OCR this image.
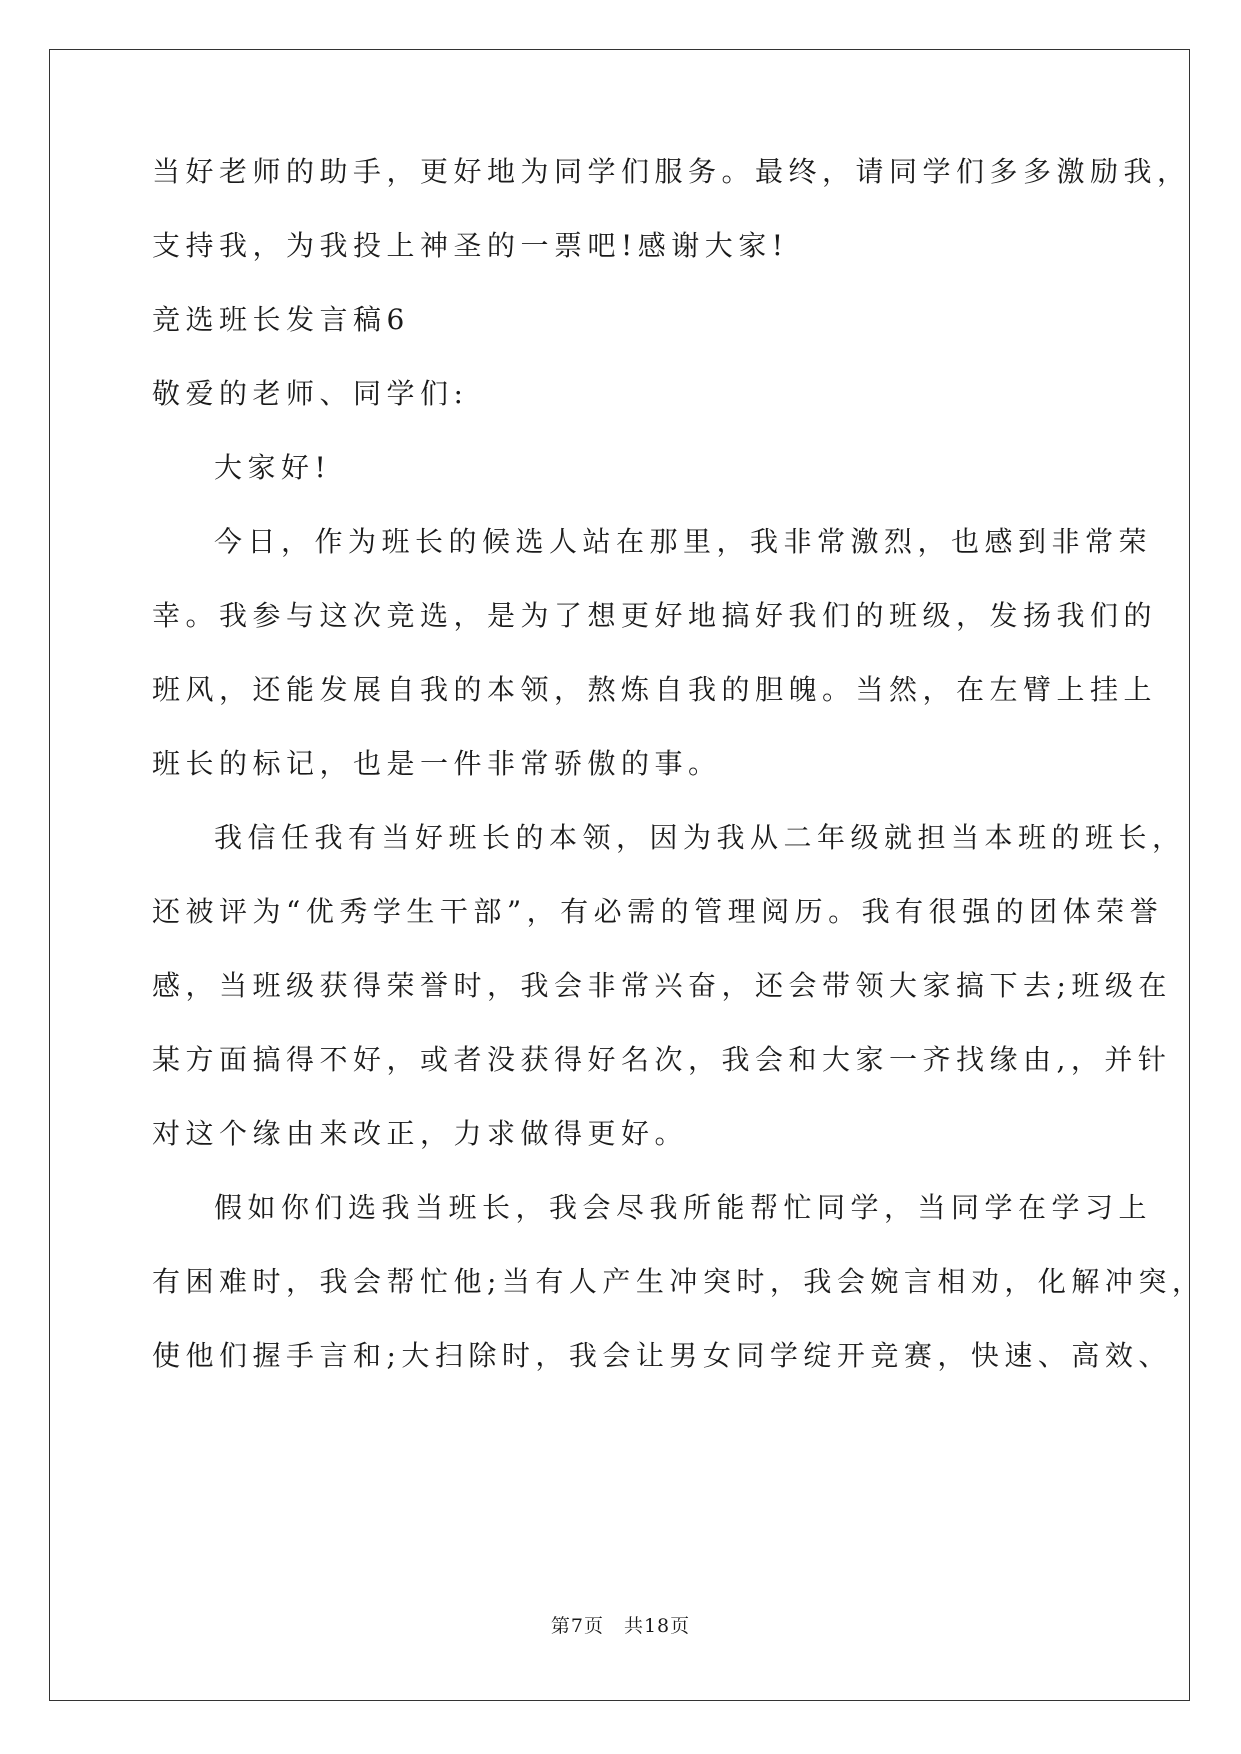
当好老师的助手，更好地为同学们服务。最终，请同学们多多激励我，
支持我，为我投上神圣的一票吧!感谢大家!
竞选班长发言稿6
敬爱的老师、同学们:
大家好!
今日，作为班长的候选人站在那里，我非常激烈，也感到非常荣
幸。我参与这次竞选，是为了想更好地搞好我们的班级，发扬我们的
班风，还能发展自我的本领，熬炼自我的胆魄。当然，在左臂上挂上
班长的标记，也是一件非常骄傲的事。
我信任我有当好班长的本领，因为我从二年级就担当本班的班长，
还被评为“优秀学生干部”，有必需的管理阅历。我有很强的团体荣誉
感，当班级获得荣誉时，我会非常兴奋，还会带领大家搞下去;班级在
某方面搞得不好，或者没获得好名次，我会和大家一齐找缘由,，并针
对这个缘由来改正，力求做得更好。
假如你们选我当班长，我会尽我所能帮忙同学，当同学在学习上
有困难时，我会帮忙他;当有人产生冲突时，我会婉言相劝，化解冲突，
使他们握手言和;大扫除时，我会让男女同学绽开竞赛，快速、高效、
第7页　共18页
